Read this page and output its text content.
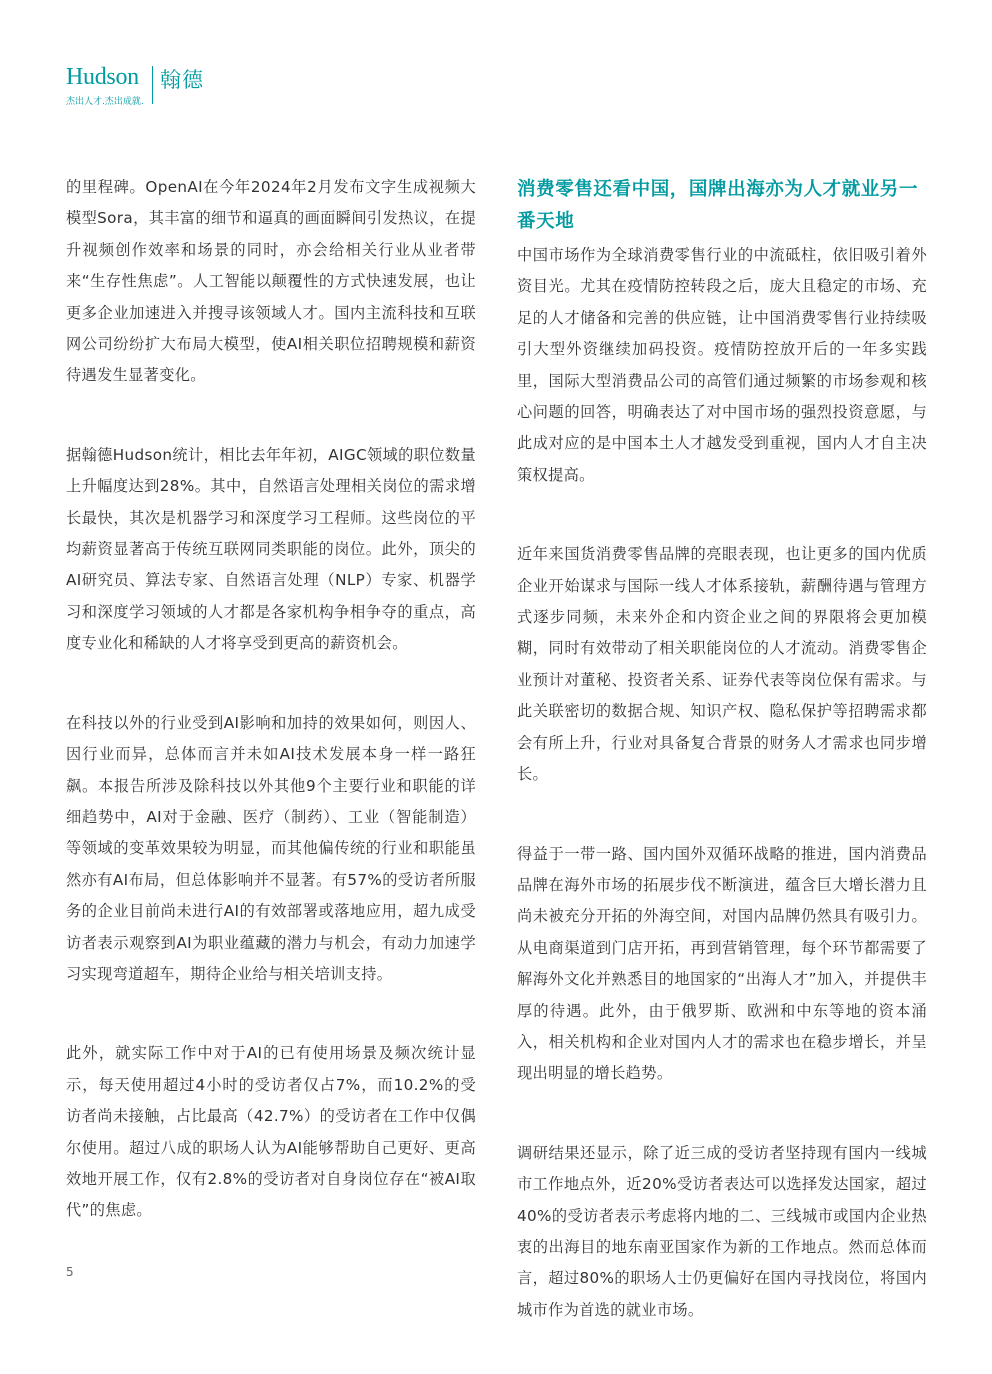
Hudson 翰德
杰出人才.杰出成就.

的里程碑。OpenAI在今年2024年2月发布文字生成视频大模型Sora，其丰富的细节和逼真的画面瞬间引发热议，在提升视频创作效率和场景的同时，亦会给相关行业从业者带来“生存性焦虑”。人工智能以颠覆性的方式快速发展，也让更多企业加速进入并搜寻该领域人才。国内主流科技和互联网公司纷纷扩大布局大模型，使AI相关职位招聘规模和薪资待遇发生显著变化。

据翰德Hudson统计，相比去年年初，AIGC领域的职位数量上升幅度达到28%。其中，自然语言处理相关岗位的需求增长最快，其次是机器学习和深度学习工程师。这些岗位的平均薪资显著高于传统互联网同类职能的岗位。此外，顶尖的AI研究员、算法专家、自然语言处理（NLP）专家、机器学习和深度学习领域的人才都是各家机构争相争夺的重点，高度专业化和稀缺的人才将享受到更高的薪资机会。

在科技以外的行业受到AI影响和加持的效果如何，则因人、因行业而异，总体而言并未如AI技术发展本身一样一路狂飙。本报告所涉及除科技以外其他9个主要行业和职能的详细趋势中，AI对于金融、医疗（制药）、工业（智能制造）等领域的变革效果较为明显，而其他偏传统的行业和职能虽然亦有AI布局，但总体影响并不显著。有57%的受访者所服务的企业目前尚未进行AI的有效部署或落地应用，超九成受访者表示观察到AI为职业蕴藏的潜力与机会，有动力加速学习实现弯道超车，期待企业给与相关培训支持。

此外，就实际工作中对于AI的已有使用场景及频次统计显示，每天使用超过4小时的受访者仅占7%，而10.2%的受访者尚未接触，占比最高（42.7%）的受访者在工作中仅偶尔使用。超过八成的职场人认为AI能够帮助自己更好、更高效地开展工作，仅有2.8%的受访者对自身岗位存在“被AI取代”的焦虑。

消费零售还看中国，国牌出海亦为人才就业另一番天地

中国市场作为全球消费零售行业的中流砥柱，依旧吸引着外资目光。尤其在疫情防控转段之后，庞大且稳定的市场、充足的人才储备和完善的供应链，让中国消费零售行业持续吸引大型外资继续加码投资。疫情防控放开后的一年多实践里，国际大型消费品公司的高管们通过频繁的市场参观和核心问题的回答，明确表达了对中国市场的强烈投资意愿，与此成对应的是中国本土人才越发受到重视，国内人才自主决策权提高。

近年来国货消费零售品牌的亮眼表现，也让更多的国内优质企业开始谋求与国际一线人才体系接轨，薪酬待遇与管理方式逐步同频，未来外企和内资企业之间的界限将会更加模糊，同时有效带动了相关职能岗位的人才流动。消费零售企业预计对董秘、投资者关系、证券代表等岗位保有需求。与此关联密切的数据合规、知识产权、隐私保护等招聘需求都会有所上升，行业对具备复合背景的财务人才需求也同步增长。

得益于一带一路、国内国外双循环战略的推进，国内消费品品牌在海外市场的拓展步伐不断演进，蕴含巨大增长潜力且尚未被充分开拓的外海空间，对国内品牌仍然具有吸引力。从电商渠道到门店开拓，再到营销管理，每个环节都需要了解海外文化并熟悉目的地国家的“出海人才”加入，并提供丰厚的待遇。此外，由于俄罗斯、欧洲和中东等地的资本涌入，相关机构和企业对国内人才的需求也在稳步增长，并呈现出明显的增长趋势。

调研结果还显示，除了近三成的受访者坚持现有国内一线城市工作地点外，近20%受访者表达可以选择发达国家，超过40%的受访者表示考虑将内地的二、三线城市或国内企业热衷的出海目的地东南亚国家作为新的工作地点。然而总体而言，超过80%的职场人士仍更偏好在国内寻找岗位，将国内城市作为首选的就业市场。

5
